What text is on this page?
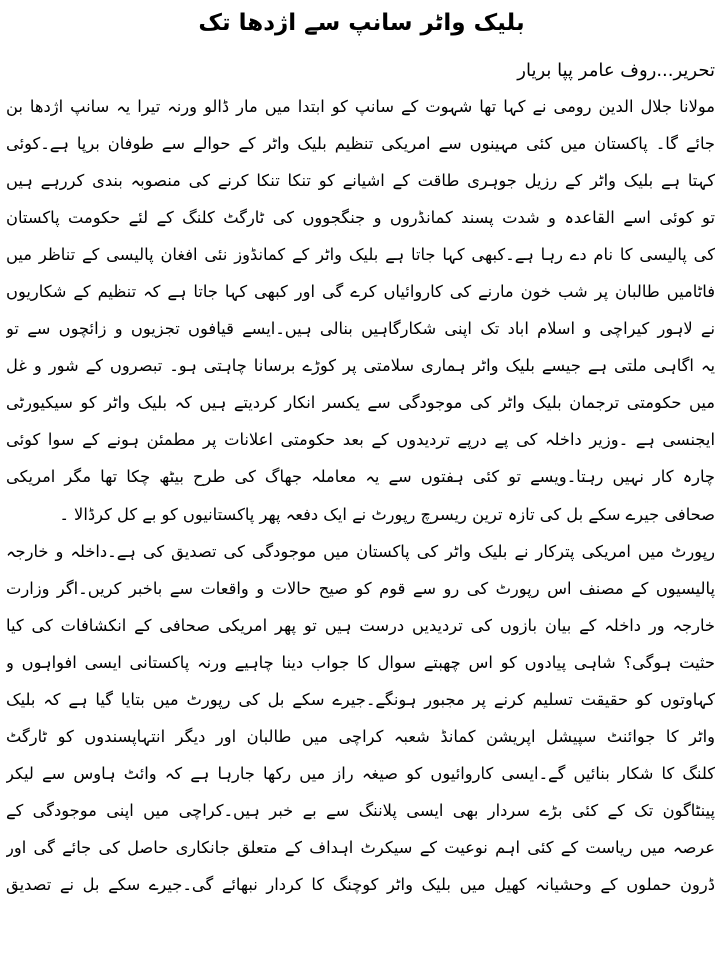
بلیک واٹر سانپ سے اژدھا تک

تحریر...روف عامر پپا بریار

مولانا جلال الدین رومی نے کہا تھا شہوت کے سانپ کو ابتدا میں مار ڈالو ورنہ تیرا یہ سانپ اژدھا بن
جائے گا۔ پاکستان میں کئی مہینوں سے امریکی تنظیم بلیک واٹر کے حوالے سے طوفان برپا ہے۔کوئی
کہتا ہے بلیک واٹر کے رزیل جوہری طاقت کے اشیانے کو تنکا تنکا کرنے کی منصوبہ بندی کررہے ہیں
تو کوئی اسے القاعدہ و شدت پسند کمانڈروں و جنگجووں کی ٹارگٹ کلنگ کے لئے حکومت پاکستان
کی پالیسی کا نام دے رہا ہے۔کبھی کہا جاتا ہے بلیک واٹر کے کمانڈوز نئی افغان پالیسی کے تناظر میں
فاٹامیں طالبان پر شب خون مارنے کی کاروائیاں کرے گی اور کبھی کہا جاتا ہے کہ تنظیم کے شکاریوں
نے لاہور کیراچی و اسلام اباد تک اپنی شکارگاہیں بنالی ہیں۔ایسے قیافوں تجزیوں و زائچوں سے تو
یہ اگاہی ملتی ہے جیسے بلیک واٹر ہماری سلامتی پر کوڑے برسانا چاہتی ہو۔ تبصروں کے شور و غل
میں حکومتی ترجمان بلیک واٹر کی موجودگی سے یکسر انکار کردیتے ہیں کہ بلیک واٹر کو سیکیورٹی
ایجنسی ہے ۔وزیر داخلہ کی پے درپے تردیدوں کے بعد حکومتی اعلانات پر مطمئن ہونے کے سوا کوئی
چارہ کار نہیں رہتا۔ویسے تو کئی ہفتوں سے یہ معاملہ جھاگ کی طرح بیٹھ چکا تھا مگر امریکی
صحافی جیرے سکے بل کی تازہ ترین ریسرچ رپورٹ نے ایک دفعہ پھر پاکستانیوں کو بے کل کرڈالا ۔
رپورٹ میں امریکی پترکار نے بلیک واٹر کی پاکستان میں موجودگی کی تصدیق کی ہے۔داخلہ و خارجہ
پالیسیوں کے مصنف اس رپورٹ کی رو سے قوم کو صیح حالات و واقعات سے باخبر کریں۔اگر وزارت
خارجہ ور داخلہ کے بیان بازوں کی تردیدیں درست ہیں تو پھر امریکی صحافی کے انکشافات کی کیا
حثیت ہوگی؟ شاہی پیادوں کو اس چھبتے سوال کا جواب دینا چاہیے ورنہ پاکستانی ایسی افواہوں و
کہاوتوں کو حقیقت تسلیم کرنے پر مجبور ہونگے۔جیرے سکے بل کی رپورٹ میں بتایا گیا ہے کہ بلیک
واٹر کا جوائنٹ سپیشل اپریشن کمانڈ شعبہ کراچی میں طالبان اور دیگر انتہاپسندوں کو ٹارگٹ
کلنگ کا شکار بنائیں گے۔ایسی کاروائیوں کو صیغہ راز میں رکھا جارہا ہے کہ وائٹ ہاوس سے لیکر
پینٹاگون تک کے کئی بڑے سردار بھی ایسی پلاننگ سے بے خبر ہیں۔کراچی میں اپنی موجودگی کے
عرصہ میں ریاست کے کئی اہم نوعیت کے سیکرٹ اہداف کے متعلق جانکاری حاصل کی جائے گی اور
ڈرون حملوں کے وحشیانہ کھیل میں بلیک واٹر کوچنگ کا کردار نبھائے گی۔جیرے سکے بل نے تصدیق
